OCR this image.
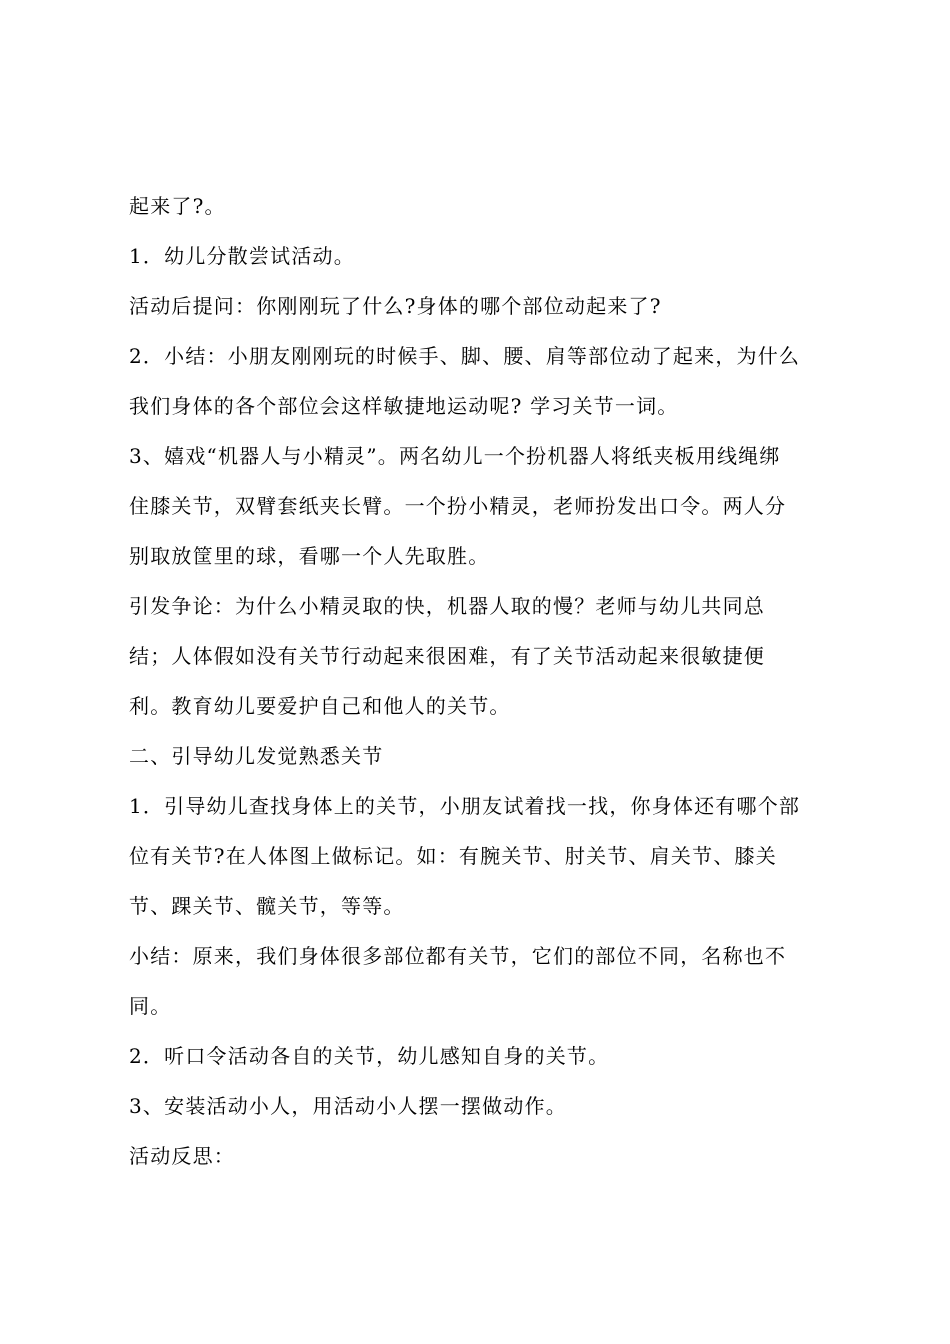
起来了?。
1．幼儿分散尝试活动。
活动后提问：你刚刚玩了什么?身体的哪个部位动起来了?
2．小结：小朋友刚刚玩的时候手、脚、腰、肩等部位动了起来，为什么
我们身体的各个部位会这样敏捷地运动呢? 学习关节一词。
3、嬉戏“机器人与小精灵”。两名幼儿一个扮机器人将纸夹板用线绳绑
住膝关节，双臂套纸夹长臂。一个扮小精灵，老师扮发出口令。两人分
别取放筐里的球，看哪一个人先取胜。
引发争论：为什么小精灵取的快，机器人取的慢？老师与幼儿共同总
结；人体假如没有关节行动起来很困难，有了关节活动起来很敏捷便
利。教育幼儿要爱护自己和他人的关节。
二、引导幼儿发觉熟悉关节
1．引导幼儿查找身体上的关节，小朋友试着找一找，你身体还有哪个部
位有关节?在人体图上做标记。如：有腕关节、肘关节、肩关节、膝关
节、踝关节、髋关节，等等。
小结：原来，我们身体很多部位都有关节，它们的部位不同，名称也不
同。
2．听口令活动各自的关节，幼儿感知自身的关节。
3、安装活动小人，用活动小人摆一摆做动作。
活动反思：
